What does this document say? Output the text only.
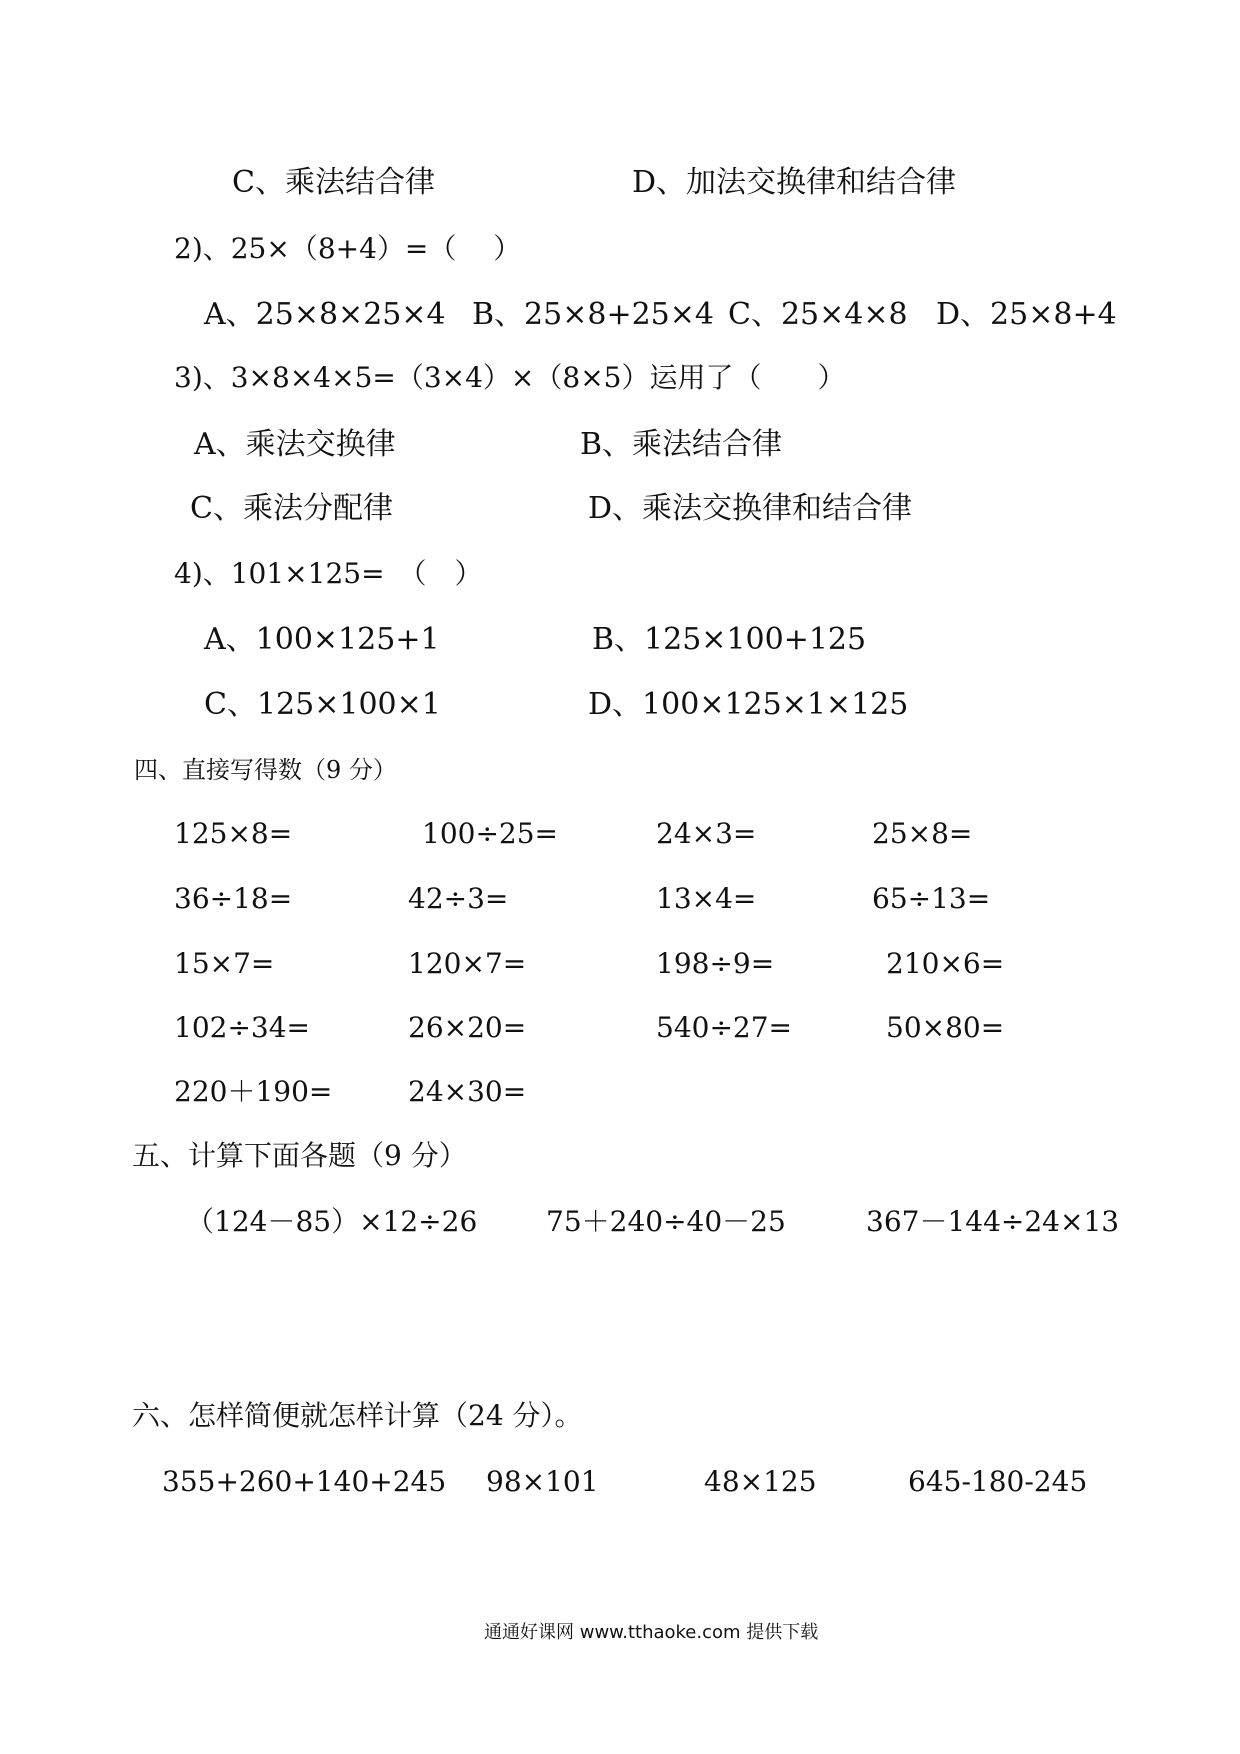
C、乘法结合律	D、加法交换律和结合律
2)、25×（8+4）=（　 ）
A、25×8×25×4 B、25×8+25×4 C、25×4×8 D、25×8+4
3)、3×8×4×5=（3×4）×（8×5）运用了（　　）
A、乘法交换律	B、乘法结合律
C、乘法分配律	D、乘法交换律和结合律
4)、101×125=　（　）
A、100×125+1	B、125×100+125
C、125×100×1	D、100×125×1×125
四、直接写得数（9 分）
125×8=	100÷25=	24×3=	25×8=
36÷18=	42÷3=	13×4=	65÷13=
15×7=	120×7=	198÷9=	210×6=
102÷34=	26×20=	540÷27=	50×80=
220＋190=	24×30=
五、计算下面各题（9 分）
（124－85）×12÷26 75＋240÷40－25	367－144÷24×13
六、怎样简便就怎样计算（24 分）。
355+260+140+245 98×101	48×125	645-180-245
通通好课网 www.tthaoke.com 提供下载
